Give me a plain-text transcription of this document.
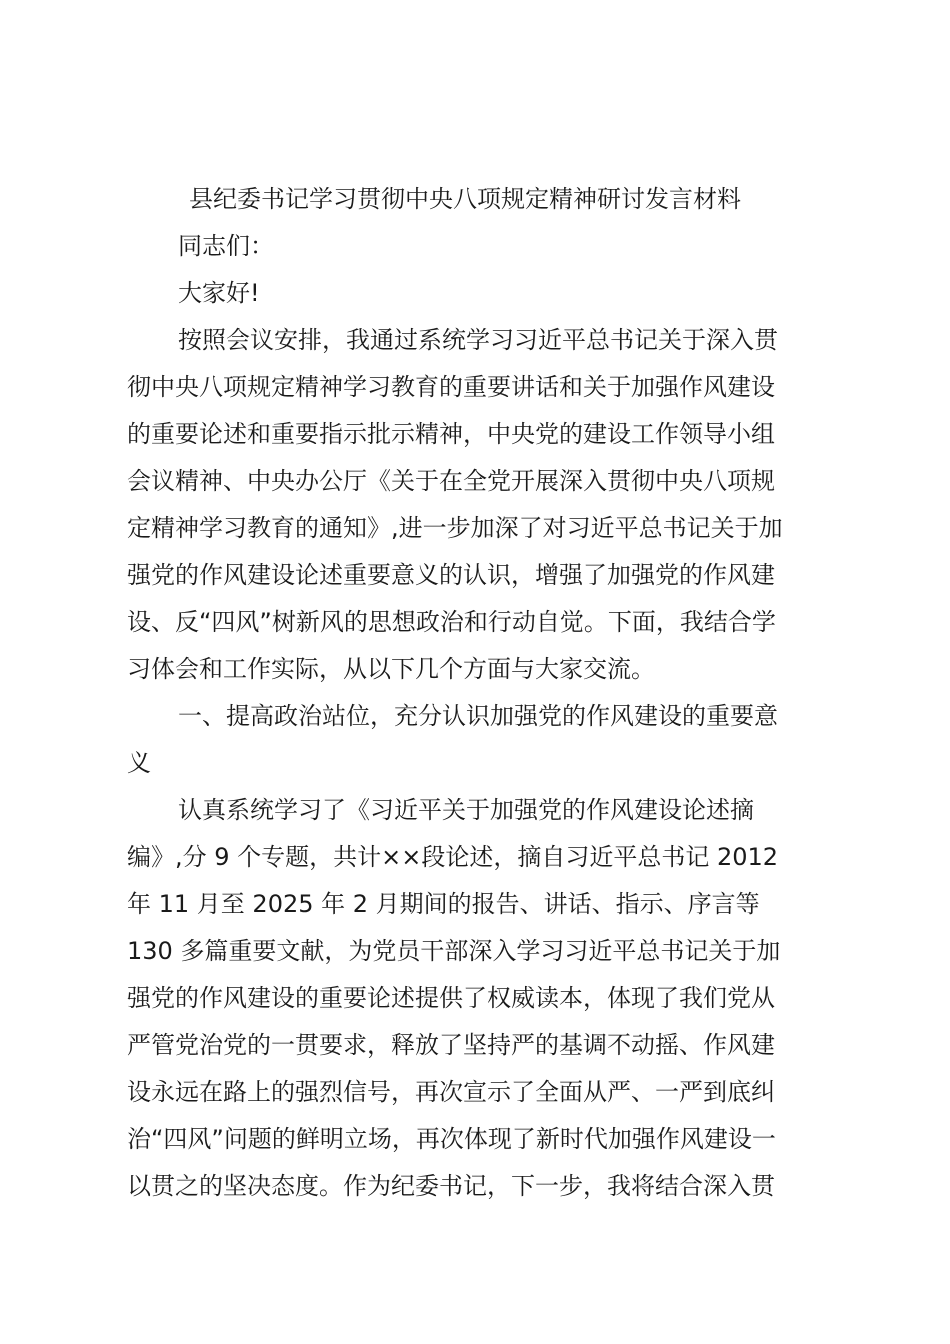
县纪委书记学习贯彻中央八项规定精神研讨发言材料

同志们：

大家好!

按照会议安排，我通过系统学习习近平总书记关于深入贯

彻中央八项规定精神学习教育的重要讲话和关于加强作风建设

的重要论述和重要指示批示精神，中央党的建设工作领导小组

会议精神、中央办公厅《关于在全党开展深入贯彻中央八项规

定精神学习教育的通知》,进一步加深了对习近平总书记关于加

强党的作风建设论述重要意义的认识，增强了加强党的作风建

设、反“四风”树新风的思想政治和行动自觉。下面，我结合学

习体会和工作实际，从以下几个方面与大家交流。

一、提高政治站位，充分认识加强党的作风建设的重要意

义

认真系统学习了《习近平关于加强党的作风建设论述摘

编》,分 9 个专题，共计××段论述，摘自习近平总书记 2012

年 11 月至 2025 年 2 月期间的报告、讲话、指示、序言等

130 多篇重要文献，为党员干部深入学习习近平总书记关于加

强党的作风建设的重要论述提供了权威读本，体现了我们党从

严管党治党的一贯要求，释放了坚持严的基调不动摇、作风建

设永远在路上的强烈信号，再次宣示了全面从严、一严到底纠

治“四风”问题的鲜明立场，再次体现了新时代加强作风建设一

以贯之的坚决态度。作为纪委书记，下一步，我将结合深入贯
